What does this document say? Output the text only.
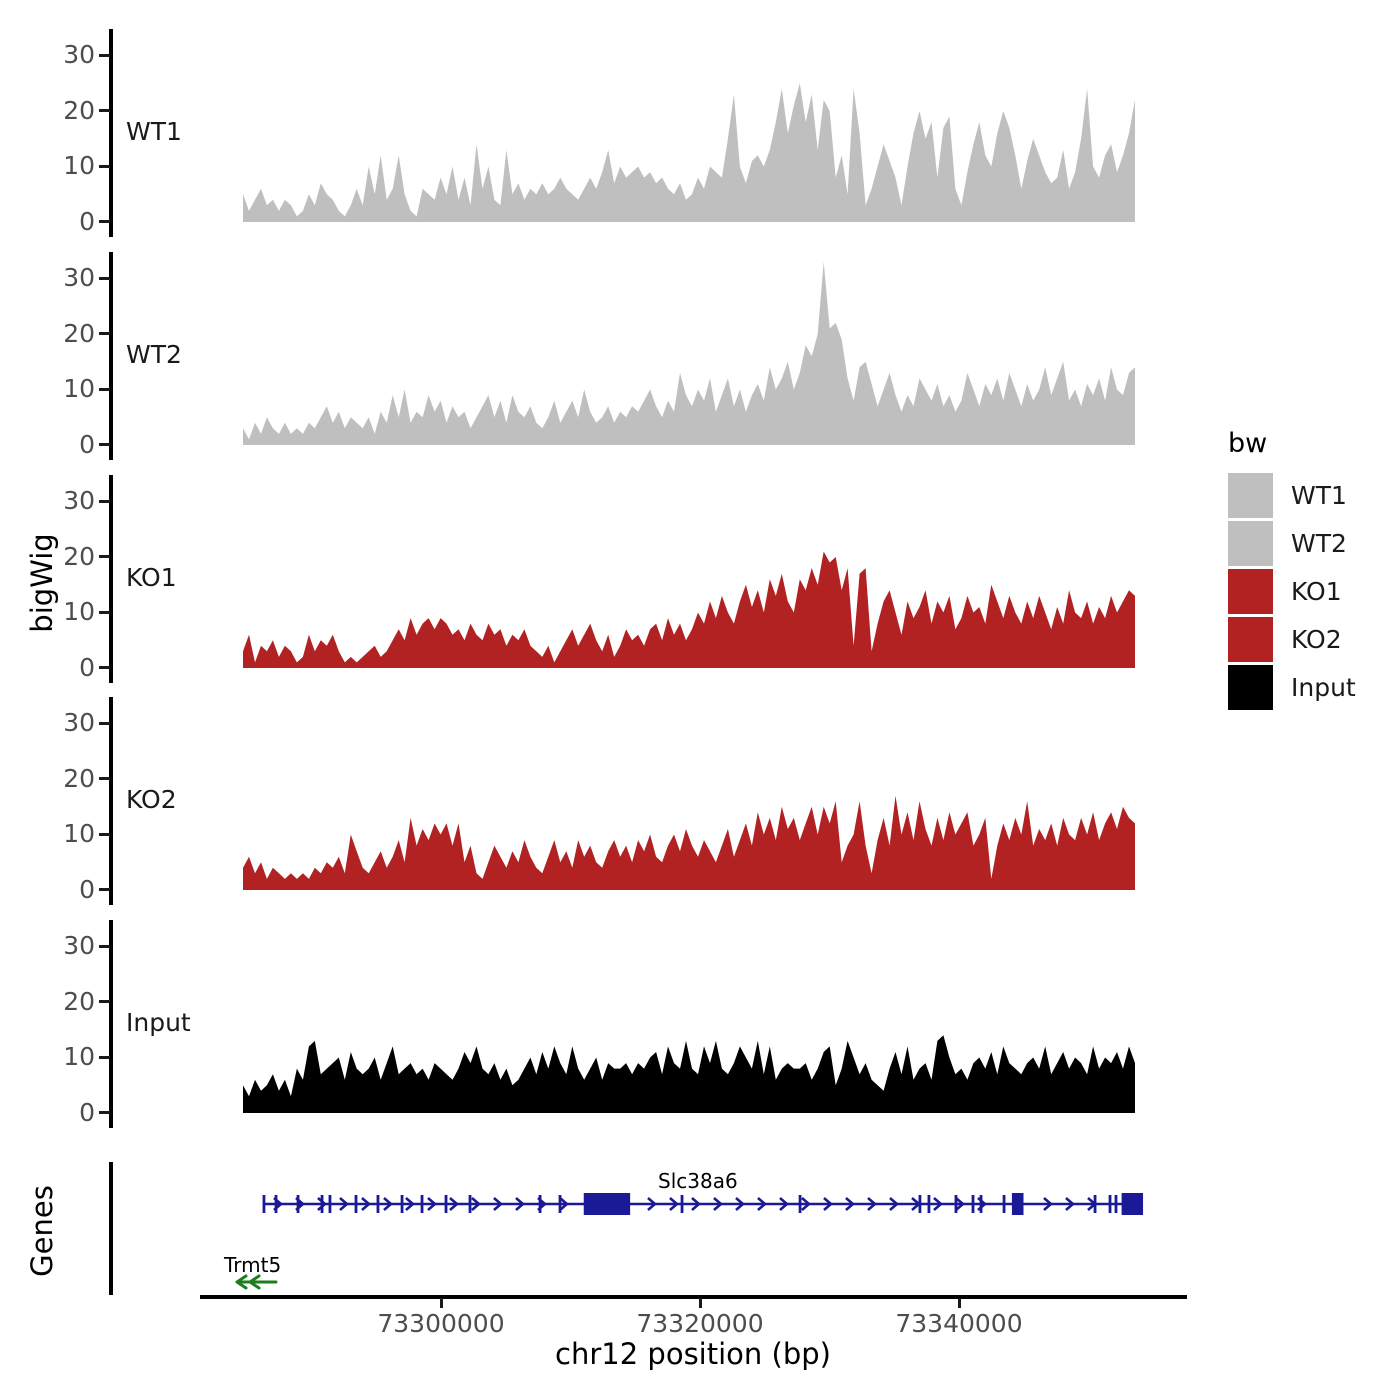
bigWig
Genes
0
10
20
30
WT1
0
10
20
30
WT2
0
10
20
30
KO1
0
10
20
30
KO2
0
10
20
30
Input
Slc38a6
Trmt5
73300000	73320000	73340000
chr12 position (bp)
bw
WT1
WT2
KO1
KO2
Input
